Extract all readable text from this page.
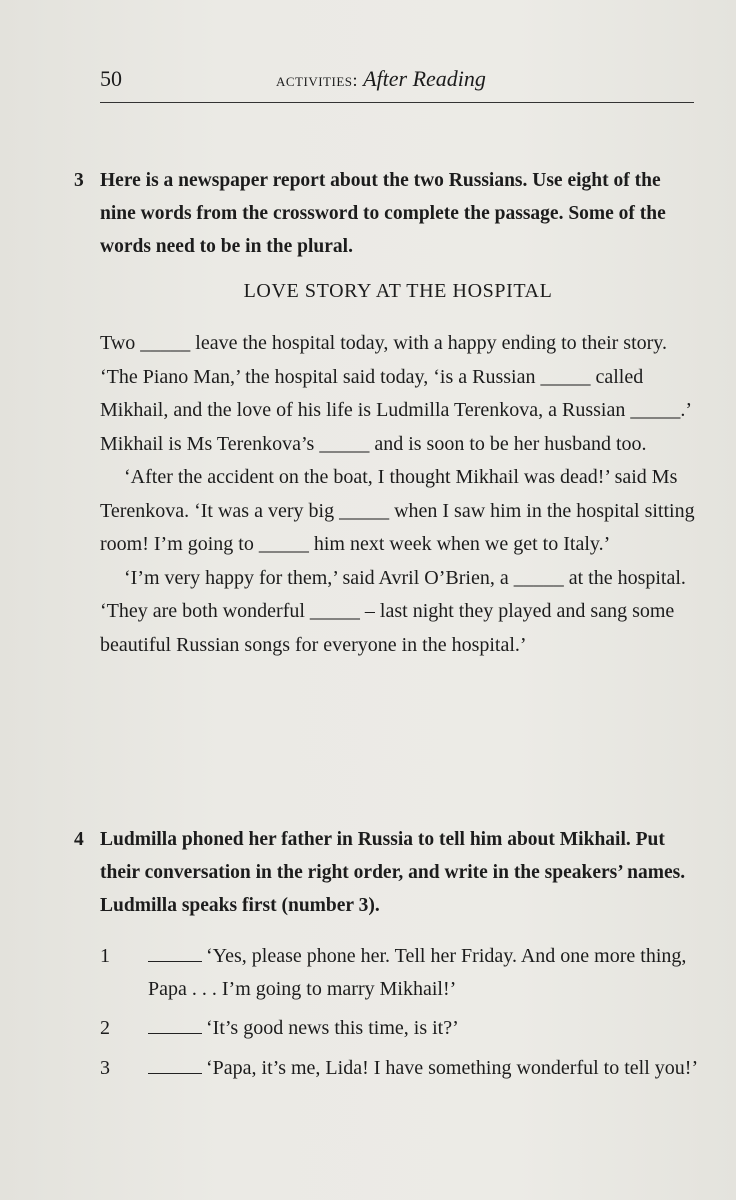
50	activities: After Reading
3 Here is a newspaper report about the two Russians. Use eight of the nine words from the crossword to complete the passage. Some of the words need to be in the plural.
LOVE STORY AT THE HOSPITAL

Two _____ leave the hospital today, with a happy ending to their story. ‘The Piano Man,’ the hospital said today, ‘is a Russian _____ called Mikhail, and the love of his life is Ludmilla Terenkova, a Russian _____.’ Mikhail is Ms Terenkova’s _____ and is soon to be her husband too.

‘After the accident on the boat, I thought Mikhail was dead!’ said Ms Terenkova. ‘It was a very big _____ when I saw him in the hospital sitting room! I’m going to _____ him next week when we get to Italy.’

‘I’m very happy for them,’ said Avril O’Brien, a _____ at the hospital. ‘They are both wonderful _____ – last night they played and sang some beautiful Russian songs for everyone in the hospital.’

4 Ludmilla phoned her father in Russia to tell him about Mikhail. Put their conversation in the right order, and write in the speakers’ names. Ludmilla speaks first (number 3).
1	‘Yes, please phone her. Tell her Friday. And one more thing, Papa . . . I’m going to marry Mikhail!’
2	‘It’s good news this time, is it?’
3	‘Papa, it’s me, Lida! I have something wonderful to tell you!’
